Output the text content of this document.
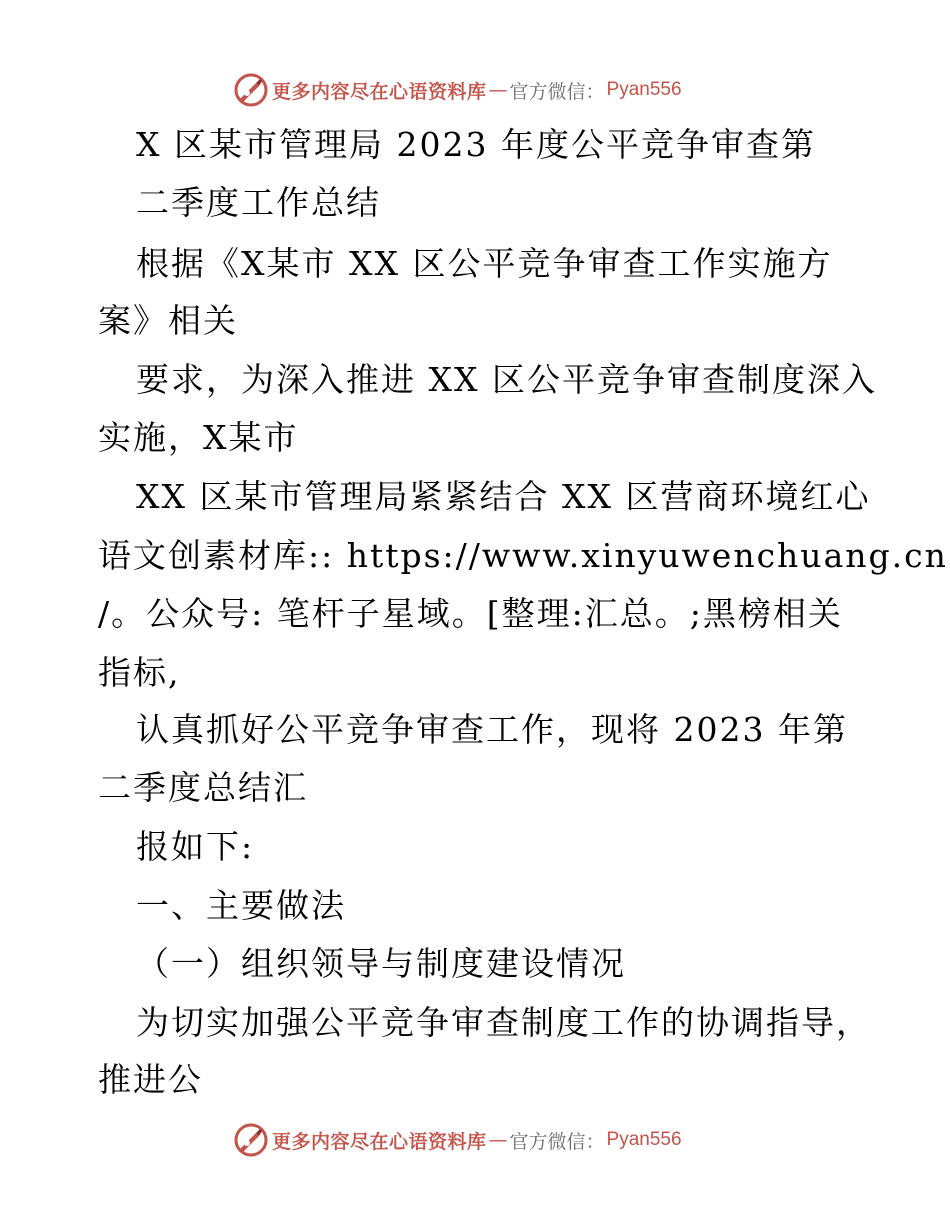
更多内容尽在心语资料库 — 官方微信： Pyan556
X 区某市管理局 2023 年度公平竞争审查第
二季度工作总结
根据《X某市 XX 区公平竞争审查工作实施方
案》相关
要求，为深入推进 XX 区公平竞争审查制度深入
实施，X某市
XX 区某市管理局紧紧结合 XX 区营商环境红心
语文创素材库:: https://www.xinyuwenchuang.cn
/。公众号: 笔杆子星域。[整理:汇总。;黑榜相关
指标,
认真抓好公平竞争审查工作，现将 2023 年第
二季度总结汇
报如下:
一、主要做法
（一）组织领导与制度建设情况
为切实加强公平竞争审查制度工作的协调指导，
推进公
更多内容尽在心语资料库 — 官方微信： Pyan556
